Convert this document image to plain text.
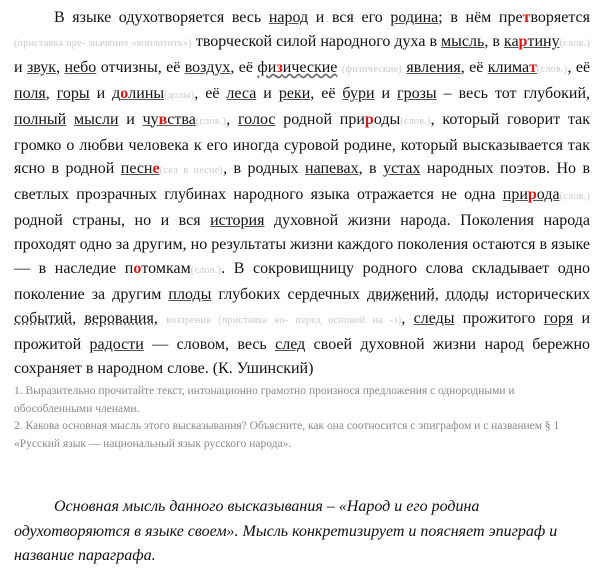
В языке одухотворяется весь народ и вся его родина; в нём претворяется (приставка пре- значение «воплотить») творческой силой народного духа в мысль, в картину(слов.) и звук, небо отчизны, её воздух, её физические (физические) явления, её климат(слов.), её поля, горы и долины(долы), её леса и реки, её бури и грозы – весь тот глубокий, полный мысли и чувства(слов.), голос родной природы(слов.), который говорит так громко о любви человека к его иногда суровой родине, который высказывается так ясно в родной песне(сел в песне), в родных напевах, в устах народных поэтов. Но в светлых прозрачных глубинах народного языка отражается не одна природа(слов.) родной страны, но и вся история духовной жизни народа. Поколения народа проходят одно за другим, но результаты жизни каждого поколения остаются в языке — в наследие потомкам(слов.). В сокровищницу родного слова складывает одно поколение за другим плоды глубоких сердечных движений, плоды исторических событий, верования, воззрения (приставка во- перед основой на -з), следы прожитого горя и прожитой радости — словом, весь след своей духовной жизни народ бережно сохраняет в народном слове. (К. Ушинский)

1. Выразительно прочитайте текст, интонационно грамотно произнося предложения с однородными и обособленными членами.

2. Какова основная мысль этого высказывания? Объясните, как она соотносится с эпиграфом и с названием § 1 «Русский язык — национальный язык русского народа».

Основная мысль данного высказывания – «Народ и его родина одухотворяются в языке своем». Мысль конкретизирует и поясняет эпиграф и название параграфа.
